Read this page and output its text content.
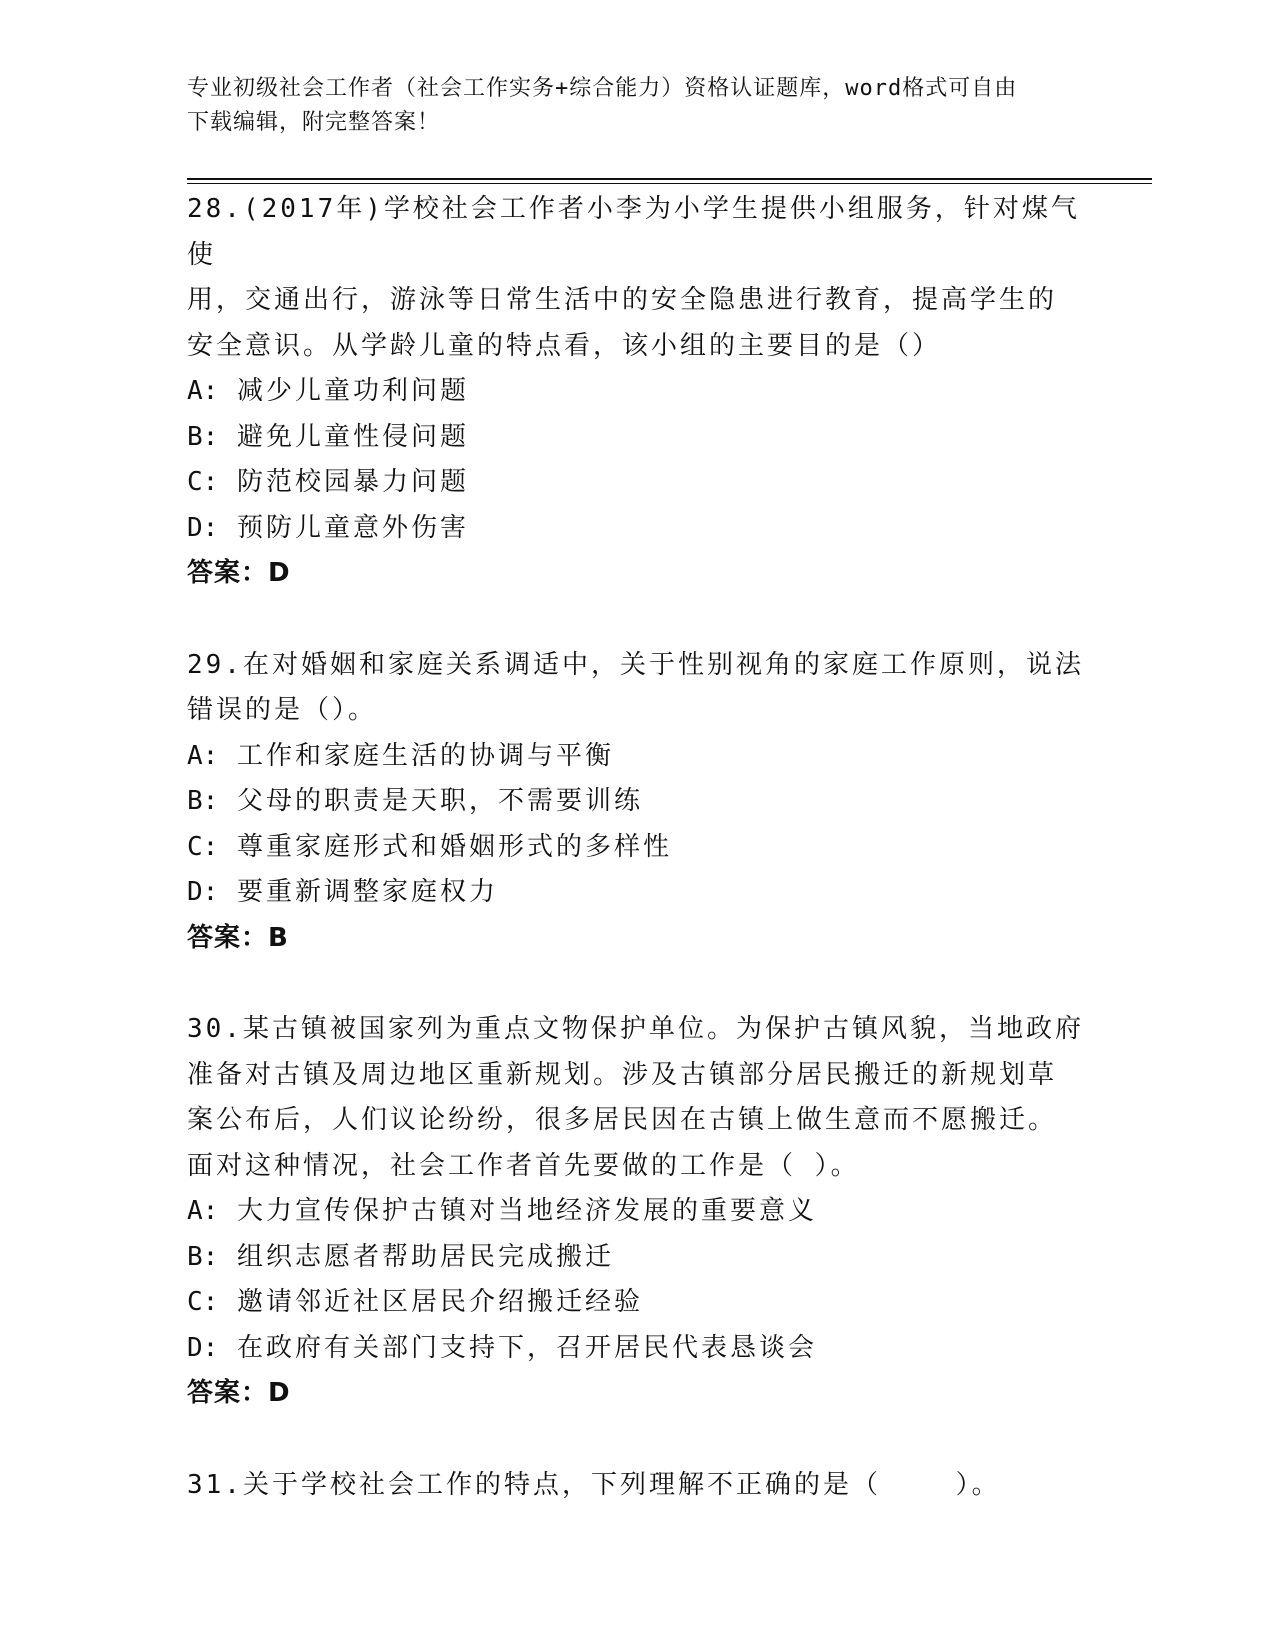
专业初级社会工作者（社会工作实务+综合能力）资格认证题库，word格式可自由
下载编辑，附完整答案！
28.(2017年)学校社会工作者小李为小学生提供小组服务，针对煤气使
用，交通出行，游泳等日常生活中的安全隐患进行教育，提高学生的
安全意识。从学龄儿童的特点看，该小组的主要目的是（）
A: 减少儿童功利问题
B: 避免儿童性侵问题
C: 防范校园暴力问题
D: 预防儿童意外伤害
答案：D
29.在对婚姻和家庭关系调适中，关于性别视角的家庭工作原则，说法
错误的是（）。
A: 工作和家庭生活的协调与平衡
B: 父母的职责是天职，不需要训练
C: 尊重家庭形式和婚姻形式的多样性
D: 要重新调整家庭权力
答案：B
30.某古镇被国家列为重点文物保护单位。为保护古镇风貌，当地政府
准备对古镇及周边地区重新规划。涉及古镇部分居民搬迁的新规划草
案公布后，人们议论纷纷，很多居民因在古镇上做生意而不愿搬迁。
面对这种情况，社会工作者首先要做的工作是（ ）。
A: 大力宣传保护古镇对当地经济发展的重要意义
B: 组织志愿者帮助居民完成搬迁
C: 邀请邻近社区居民介绍搬迁经验
D: 在政府有关部门支持下，召开居民代表恳谈会
答案：D
31.关于学校社会工作的特点，下列理解不正确的是（    ）。
